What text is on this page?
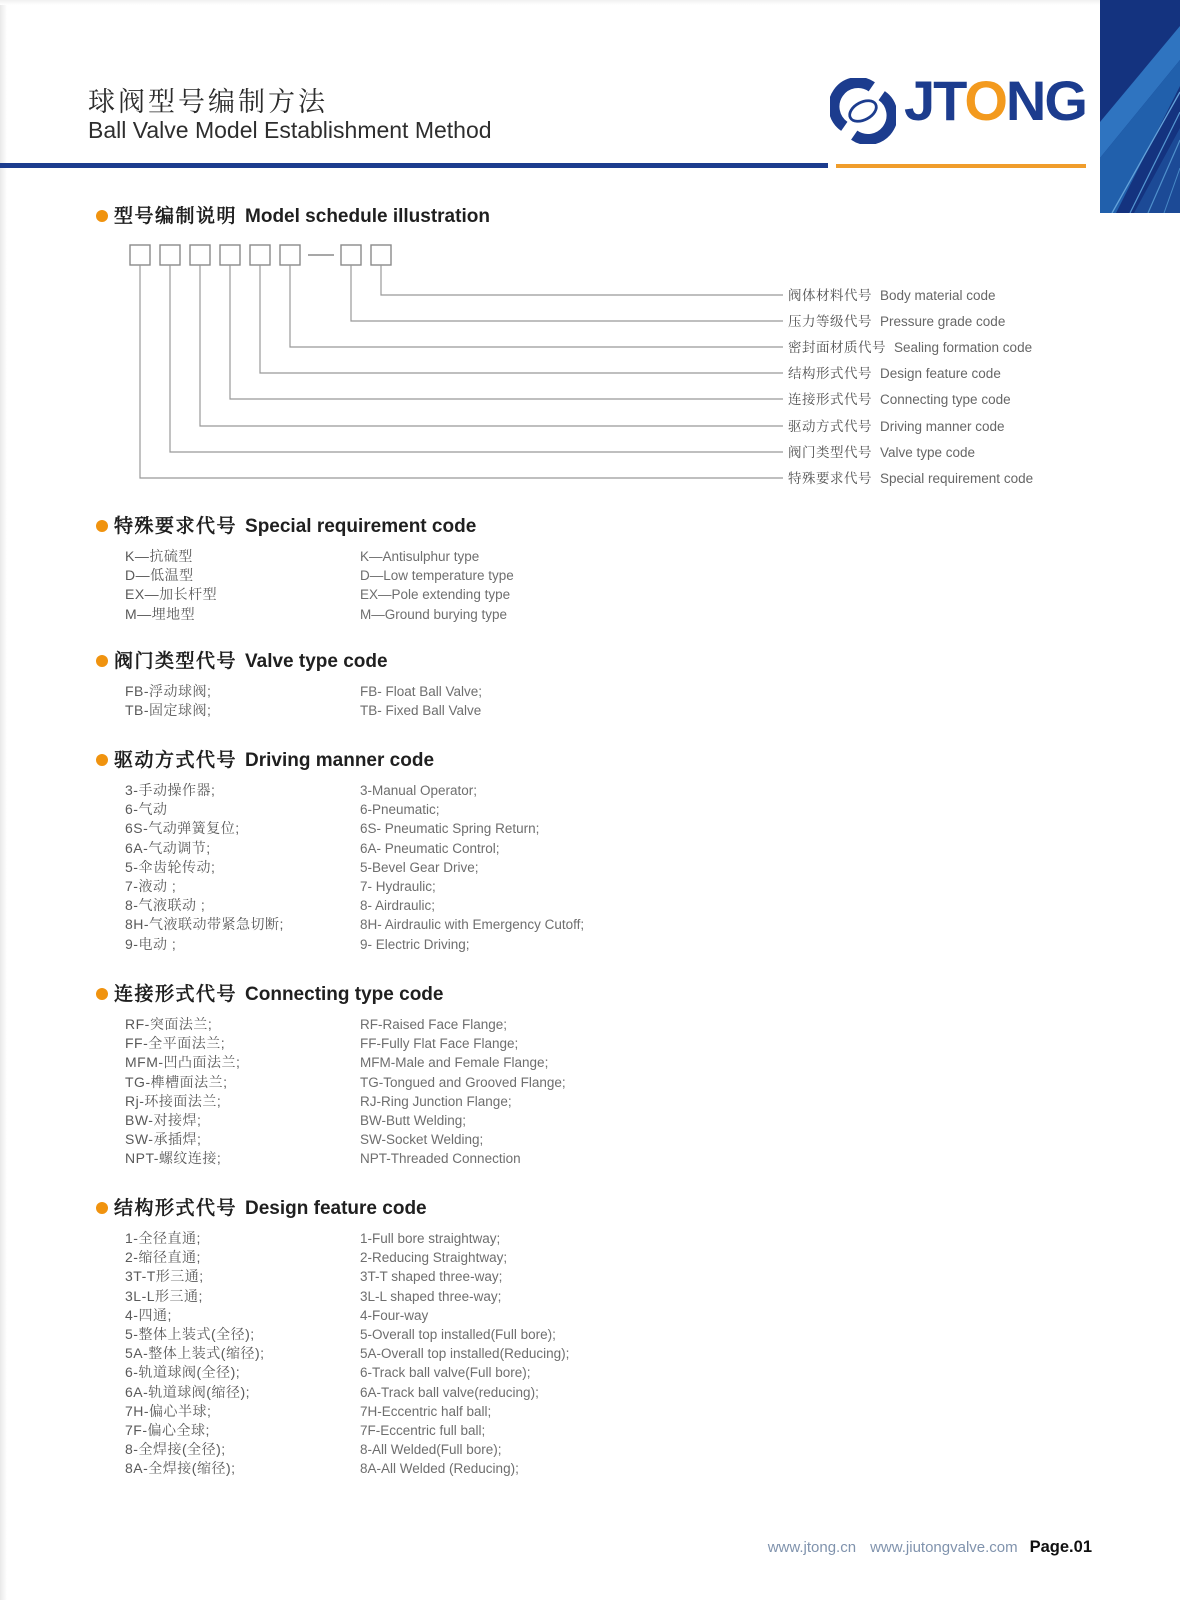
球阀型号编制方法
Ball Valve Model Establishment Method	JTONG
型号编制说明 Model schedule illustration
阀体材料代号 Body material code
压力等级代号 Pressure grade code
密封面材质代号 Sealing formation code
结构形式代号 Design feature code
连接形式代号 Connecting type code
驱动方式代号 Driving manner code
阀门类型代号 Valve type code
特殊要求代号 Special requirement code
特殊要求代号 Special requirement code
K—抗硫型	K—Antisulphur type
D—低温型	D—Low temperature type
EX—加长杆型	EX—Pole extending type
M—埋地型	M—Ground burying type
阀门类型代号 Valve type code
FB-浮动球阀;	FB- Float Ball Valve;
TB-固定球阀;	TB- Fixed Ball Valve
驱动方式代号 Driving manner code
3-手动操作器;	3-Manual Operator;
6-气动	6-Pneumatic;
6S-气动弹簧复位;	6S- Pneumatic Spring Return;
6A-气动调节;	6A- Pneumatic Control;
5-伞齿轮传动;	5-Bevel Gear Drive;
7-液动 ;	7- Hydraulic;
8-气液联动 ;	8- Airdraulic;
8H-气液联动带紧急切断;	8H- Airdraulic with Emergency Cutoff;
9-电动 ;	9- Electric Driving;
连接形式代号 Connecting type code
RF-突面法兰;	RF-Raised Face Flange;
FF-全平面法兰;	FF-Fully Flat Face Flange;
MFM-凹凸面法兰;	MFM-Male and Female Flange;
TG-榫槽面法兰;	TG-Tongued and Grooved Flange;
Rj-环接面法兰;	RJ-Ring Junction Flange;
BW-对接焊;	BW-Butt Welding;
SW-承插焊;	SW-Socket Welding;
NPT-螺纹连接;	NPT-Threaded Connection
结构形式代号 Design feature code
1-全径直通;	1-Full bore straightway;
2-缩径直通;	2-Reducing Straightway;
3T-T形三通;	3T-T shaped three-way;
3L-L形三通;	3L-L shaped three-way;
4-四通;	4-Four-way
5-整体上装式(全径);	5-Overall top installed(Full bore);
5A-整体上装式(缩径);	5A-Overall top installed(Reducing);
6-轨道球阀(全径);	6-Track ball valve(Full bore);
6A-轨道球阀(缩径);	6A-Track ball valve(reducing);
7H-偏心半球;	7H-Eccentric half ball;
7F-偏心全球;	7F-Eccentric full ball;
8-全焊接(全径);	8-All Welded(Full bore);
8A-全焊接(缩径);	8A-All Welded (Reducing);
www.jtong.cn www.jiutongvalve.com Page.01
